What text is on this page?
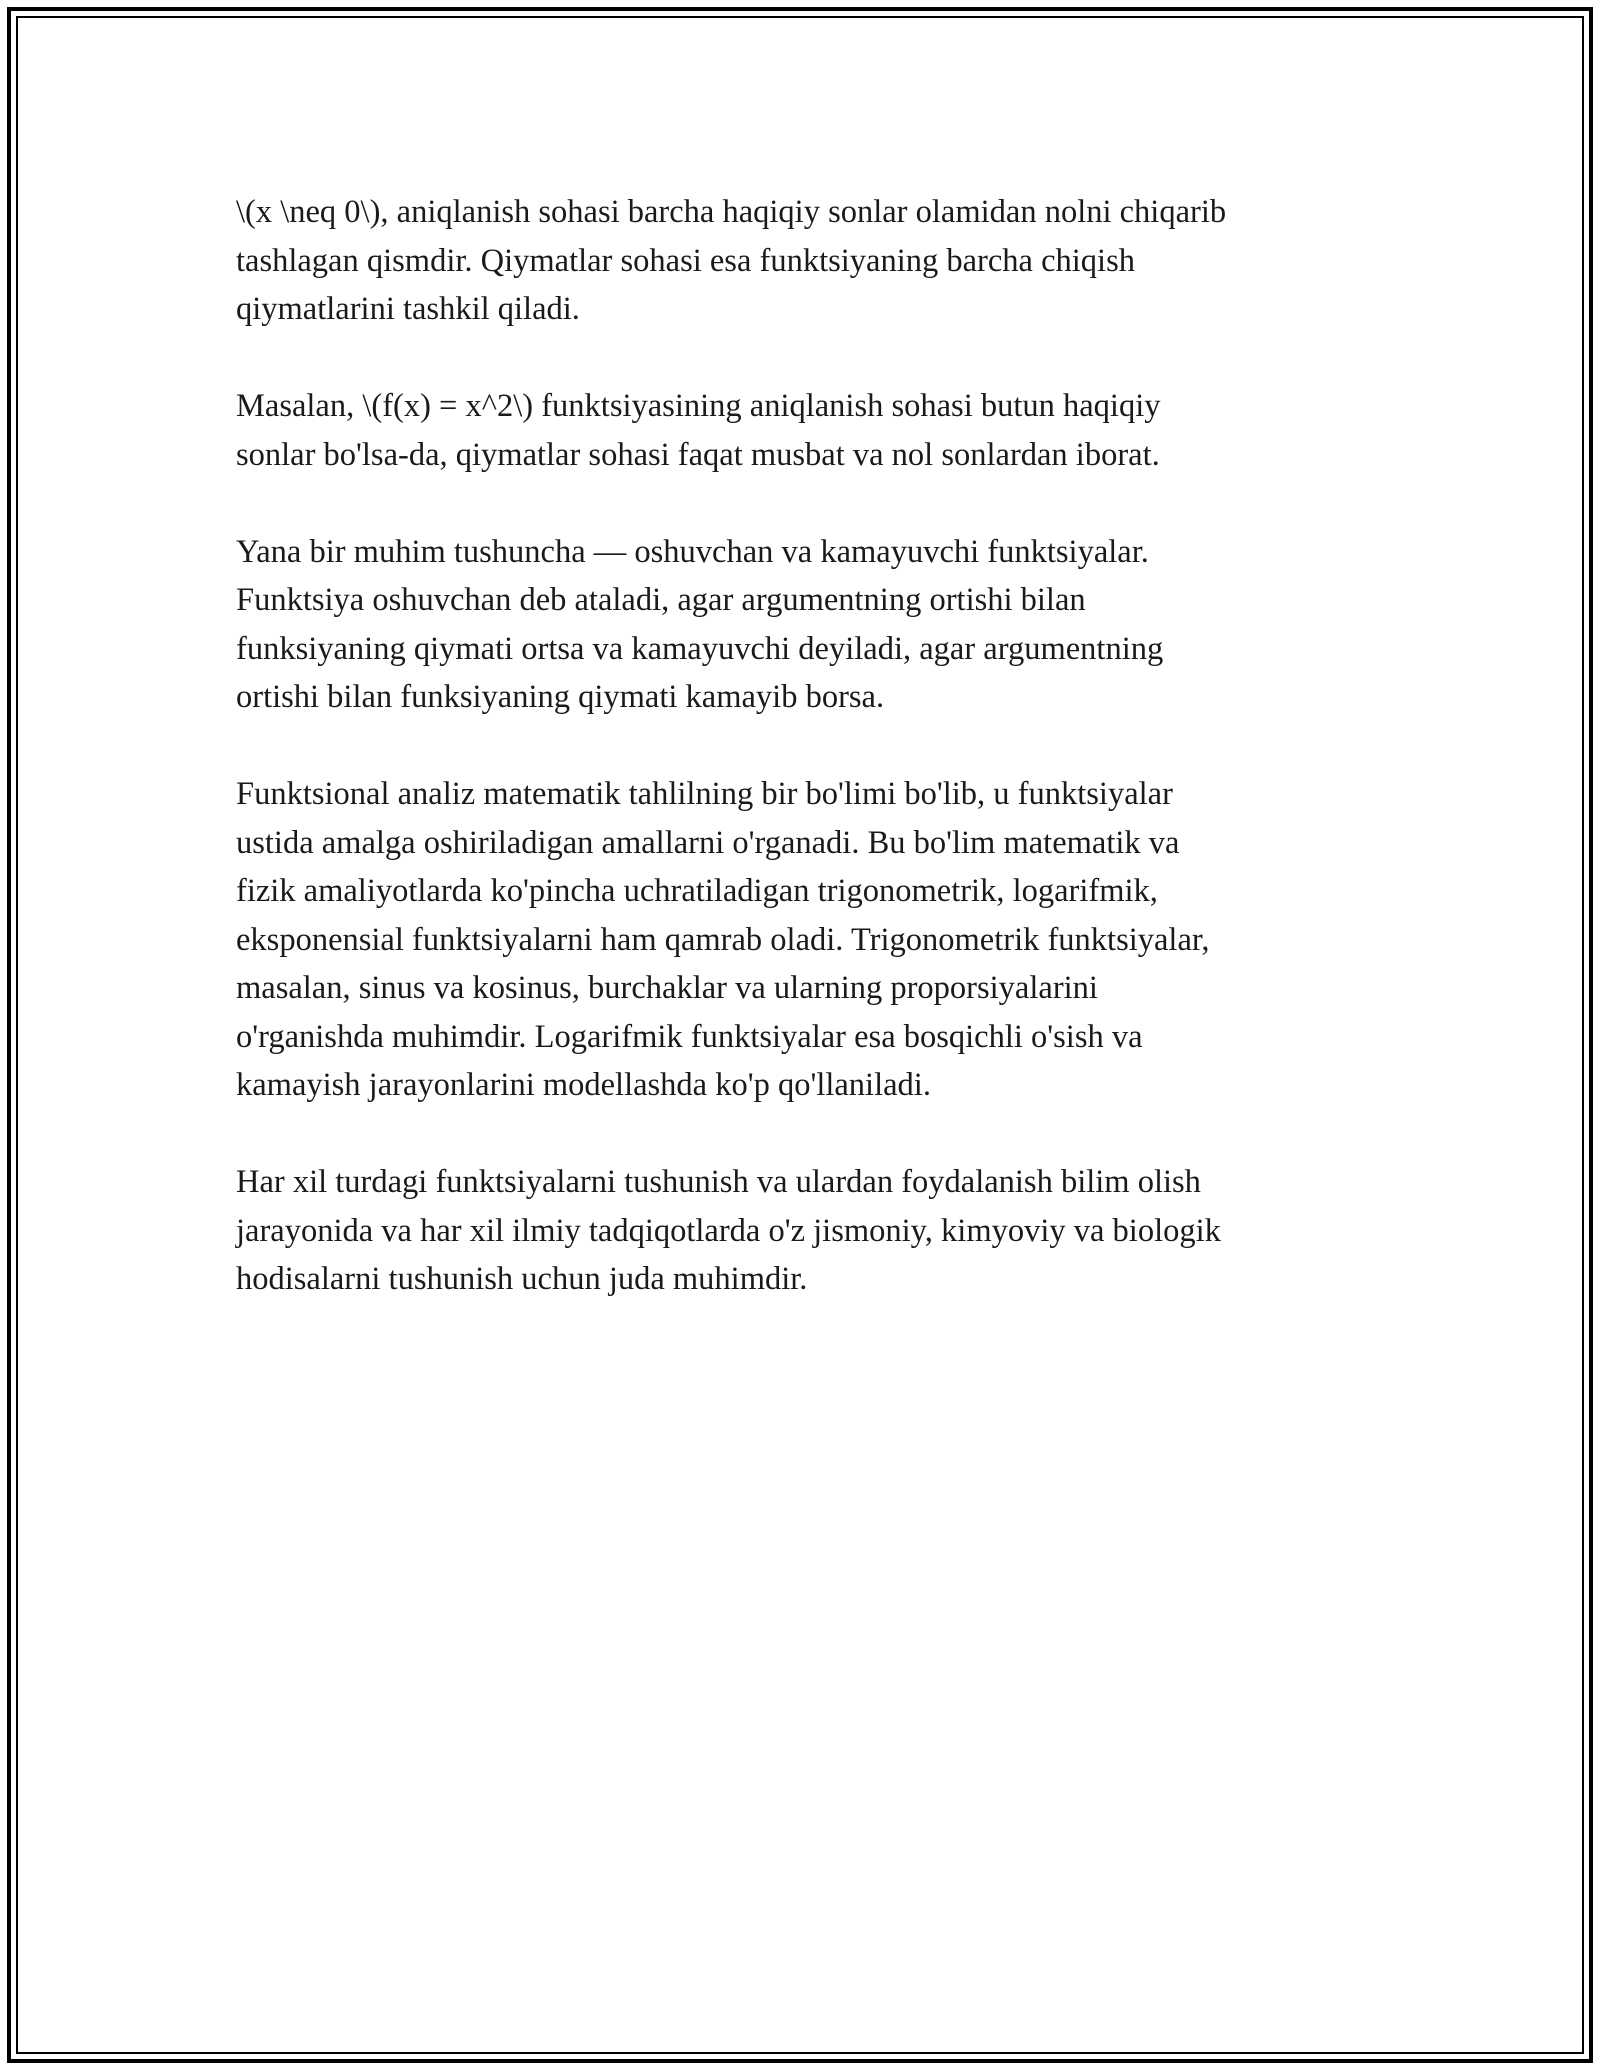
\(x \neq 0\), aniqlanish sohasi barcha haqiqiy sonlar olamidan nolni chiqarib
tashlagan qismdir. Qiymatlar sohasi esa funktsiyaning barcha chiqish
qiymatlarini tashkil qiladi.

Masalan, \(f(x) = x^2\) funktsiyasining aniqlanish sohasi butun haqiqiy
sonlar bo'lsa-da, qiymatlar sohasi faqat musbat va nol sonlardan iborat.

Yana bir muhim tushuncha — oshuvchan va kamayuvchi funktsiyalar.
Funktsiya oshuvchan deb ataladi, agar argumentning ortishi bilan
funksiyaning qiymati ortsa va kamayuvchi deyiladi, agar argumentning
ortishi bilan funksiyaning qiymati kamayib borsa.

Funktsional analiz matematik tahlilning bir bo'limi bo'lib, u funktsiyalar
ustida amalga oshiriladigan amallarni o'rganadi. Bu bo'lim matematik va
fizik amaliyotlarda ko'pincha uchratiladigan trigonometrik, logarifmik,
eksponensial funktsiyalarni ham qamrab oladi. Trigonometrik funktsiyalar,
masalan, sinus va kosinus, burchaklar va ularning proporsiyalarini
o'rganishda muhimdir. Logarifmik funktsiyalar esa bosqichli o'sish va
kamayish jarayonlarini modellashda ko'p qo'llaniladi.

Har xil turdagi funktsiyalarni tushunish va ulardan foydalanish bilim olish
jarayonida va har xil ilmiy tadqiqotlarda o'z jismoniy, kimyoviy va biologik
hodisalarni tushunish uchun juda muhimdir.
